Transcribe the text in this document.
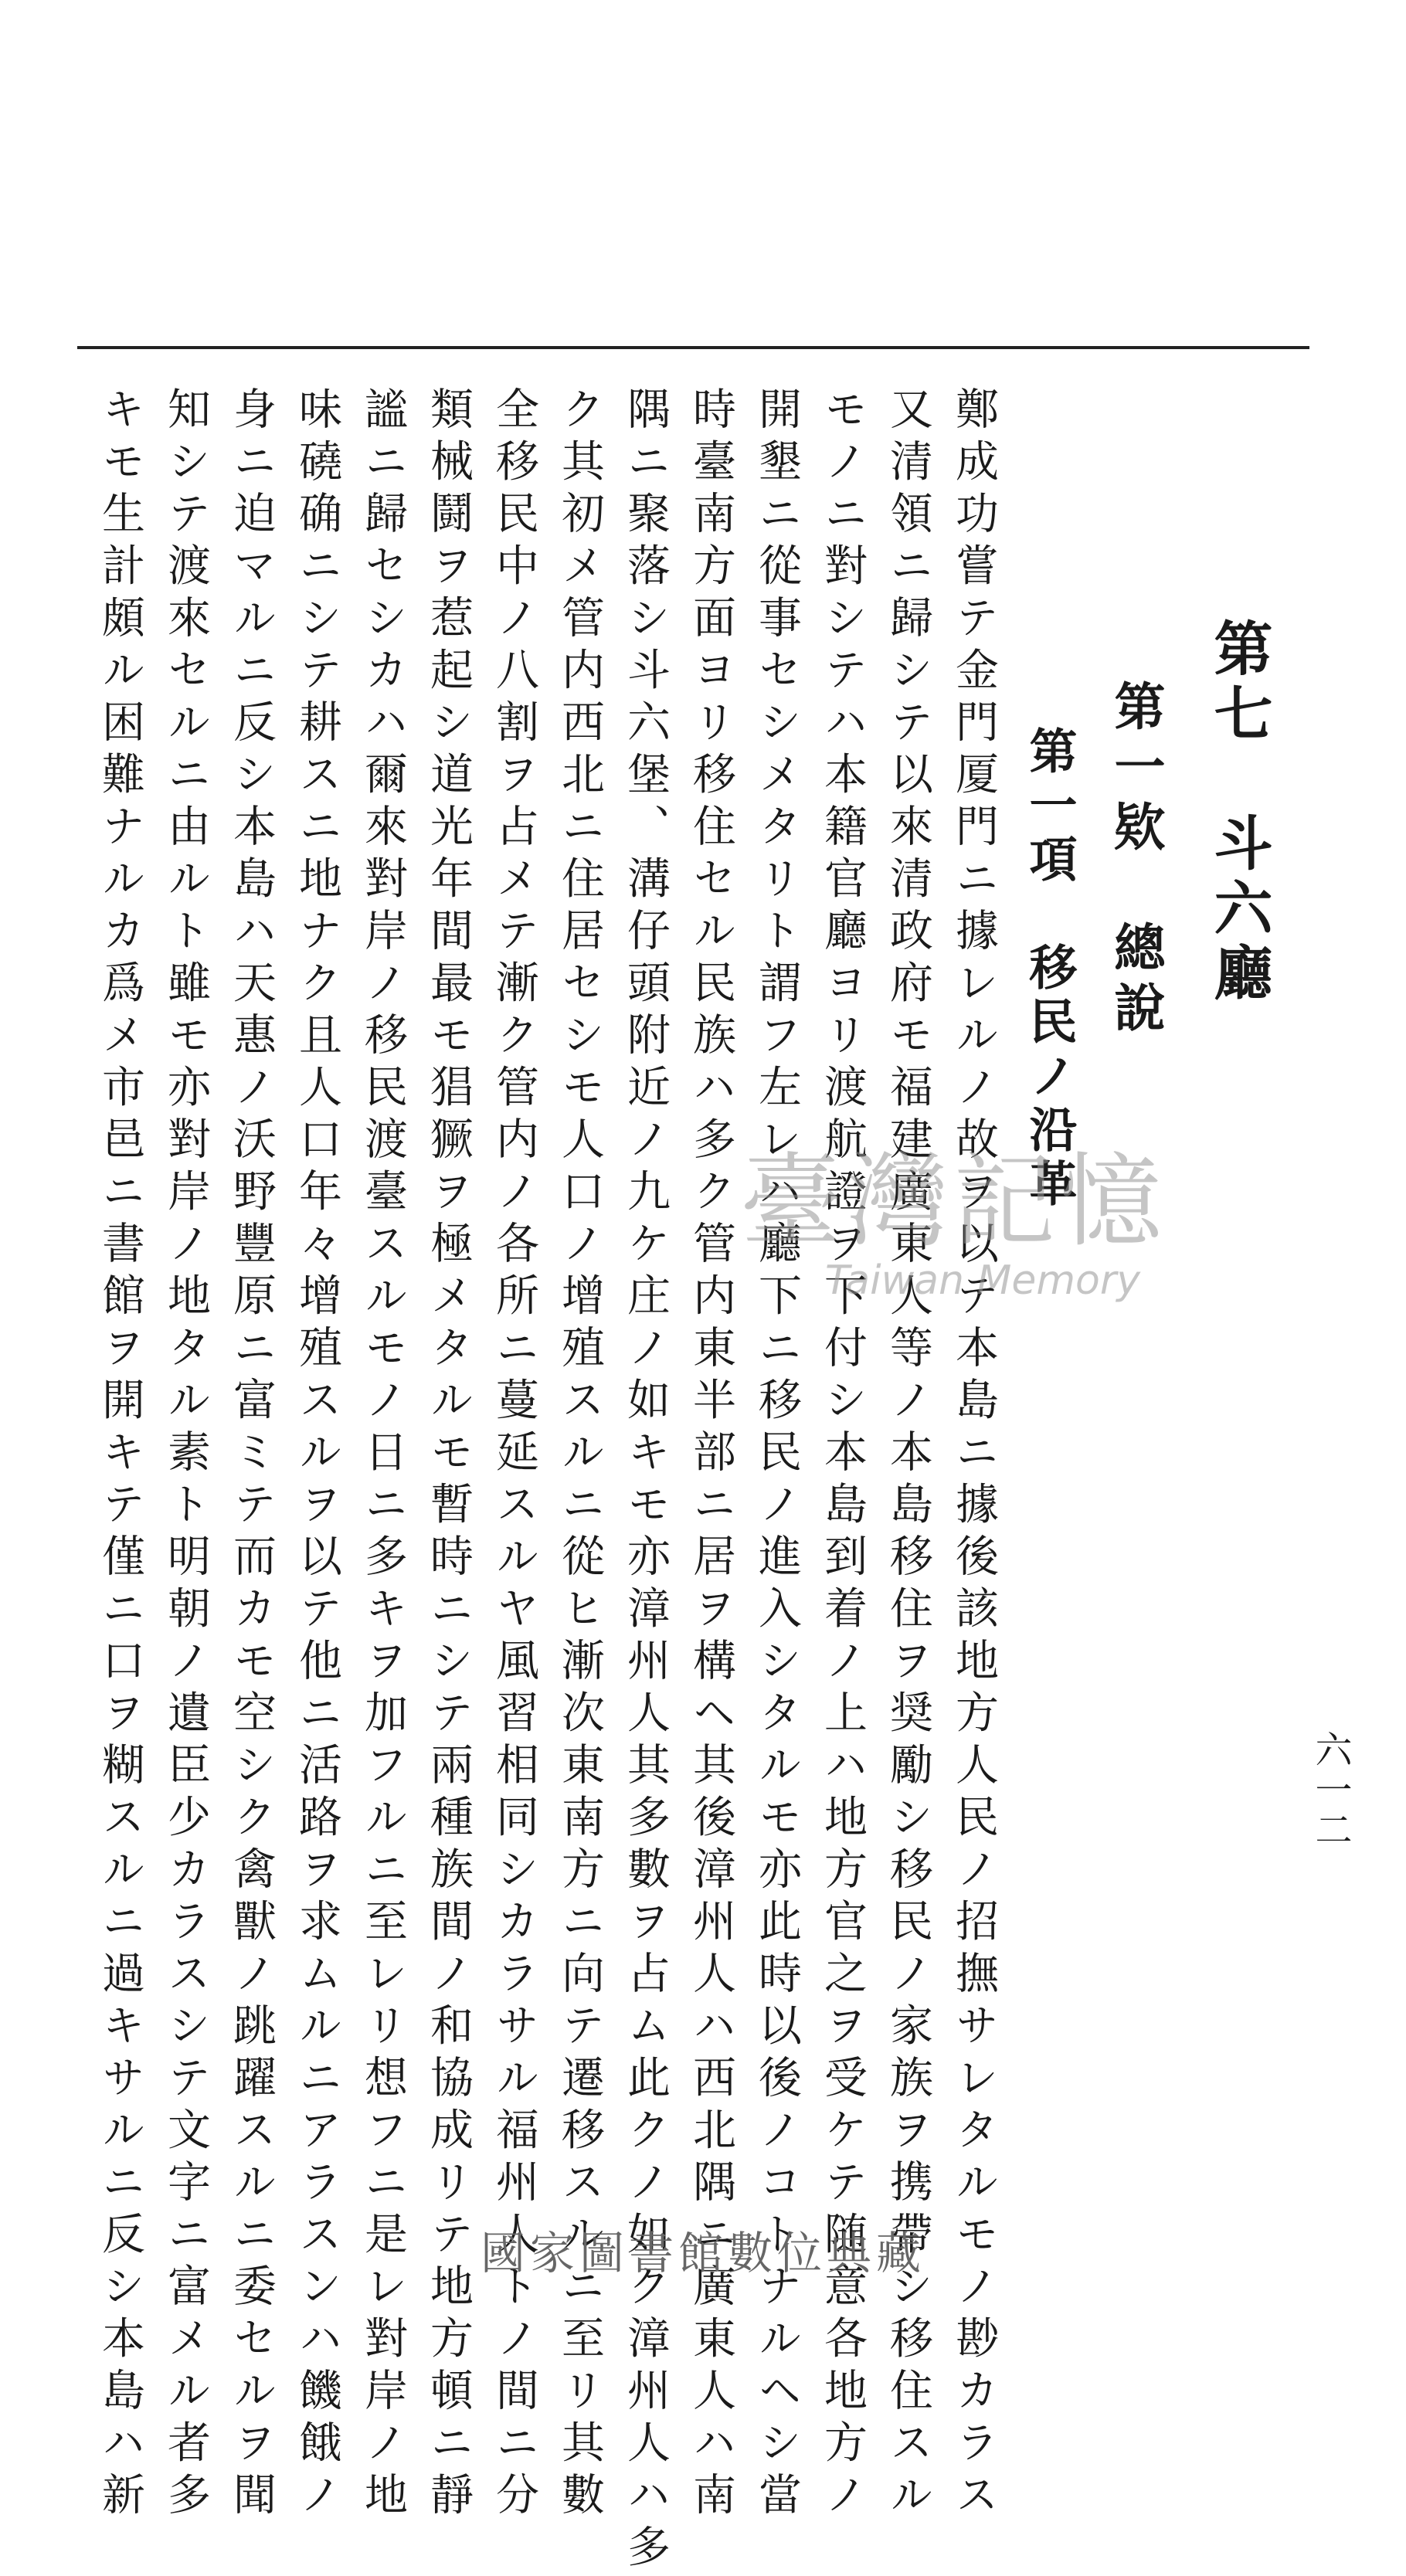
六一二
第七　斗六廳
第一欵　總說
第一項　移民ノ沿革
鄭成功嘗テ金門厦門ニ據レルノ故ヲ以テ本島ニ據後該地方人民ノ招撫サレタルモノ尠カラス
又清領ニ歸シテ以來清政府モ福建廣東人等ノ本島移住ヲ奨勵シ移民ノ家族ヲ携帶シ移住スル
モノニ對シテハ本籍官廳ヨリ渡航證ヲ下付シ本島到着ノ上ハ地方官之ヲ受ケテ随意各地方ノ
開墾ニ從事セシメタリト謂フ左レハ廳下ニ移民ノ進入シタルモ亦此時以後ノコトナルヘシ當
時臺南方面ヨリ移住セル民族ハ多ク管内東半部ニ居ヲ構ヘ其後漳州人ハ西北隅ニ廣東人ハ南
隅ニ聚落シ斗六堡、溝仔頭附近ノ九ケ庄ノ如キモ亦漳州人其多數ヲ占ム此クノ如ク漳州人ハ多
ク其初メ管内西北ニ住居セシモ人口ノ增殖スルニ從ヒ漸次東南方ニ向テ遷移スルニ至リ其數
全移民中ノ八割ヲ占メテ漸ク管内ノ各所ニ蔓延スルヤ風習相同シカラサル福州人トノ間ニ分
類械鬪ヲ惹起シ道光年間最モ猖獗ヲ極メタルモ暫時ニシテ兩種族間ノ和協成リテ地方頓ニ靜
謐ニ歸セシカハ爾來對岸ノ移民渡臺スルモノ日ニ多キヲ加フルニ至レリ想フニ是レ對岸ノ地
味磽确ニシテ耕スニ地ナク且人口年々增殖スルヲ以テ他ニ活路ヲ求ムルニアラスンハ饑餓ノ
身ニ迫マルニ反シ本島ハ天惠ノ沃野豐原ニ富ミテ而カモ空シク禽獸ノ跳躍スルニ委セルヲ聞
知シテ渡來セルニ由ルト雖モ亦對岸ノ地タル素ト明朝ノ遺臣少カラスシテ文字ニ富メル者多
キモ生計頗ル困難ナルカ爲メ市邑ニ書館ヲ開キテ僅ニ口ヲ糊スルニ過キサルニ反シ本島ハ新	臺灣記憶
Taiwan Memory
國家圖書館數位典藏
